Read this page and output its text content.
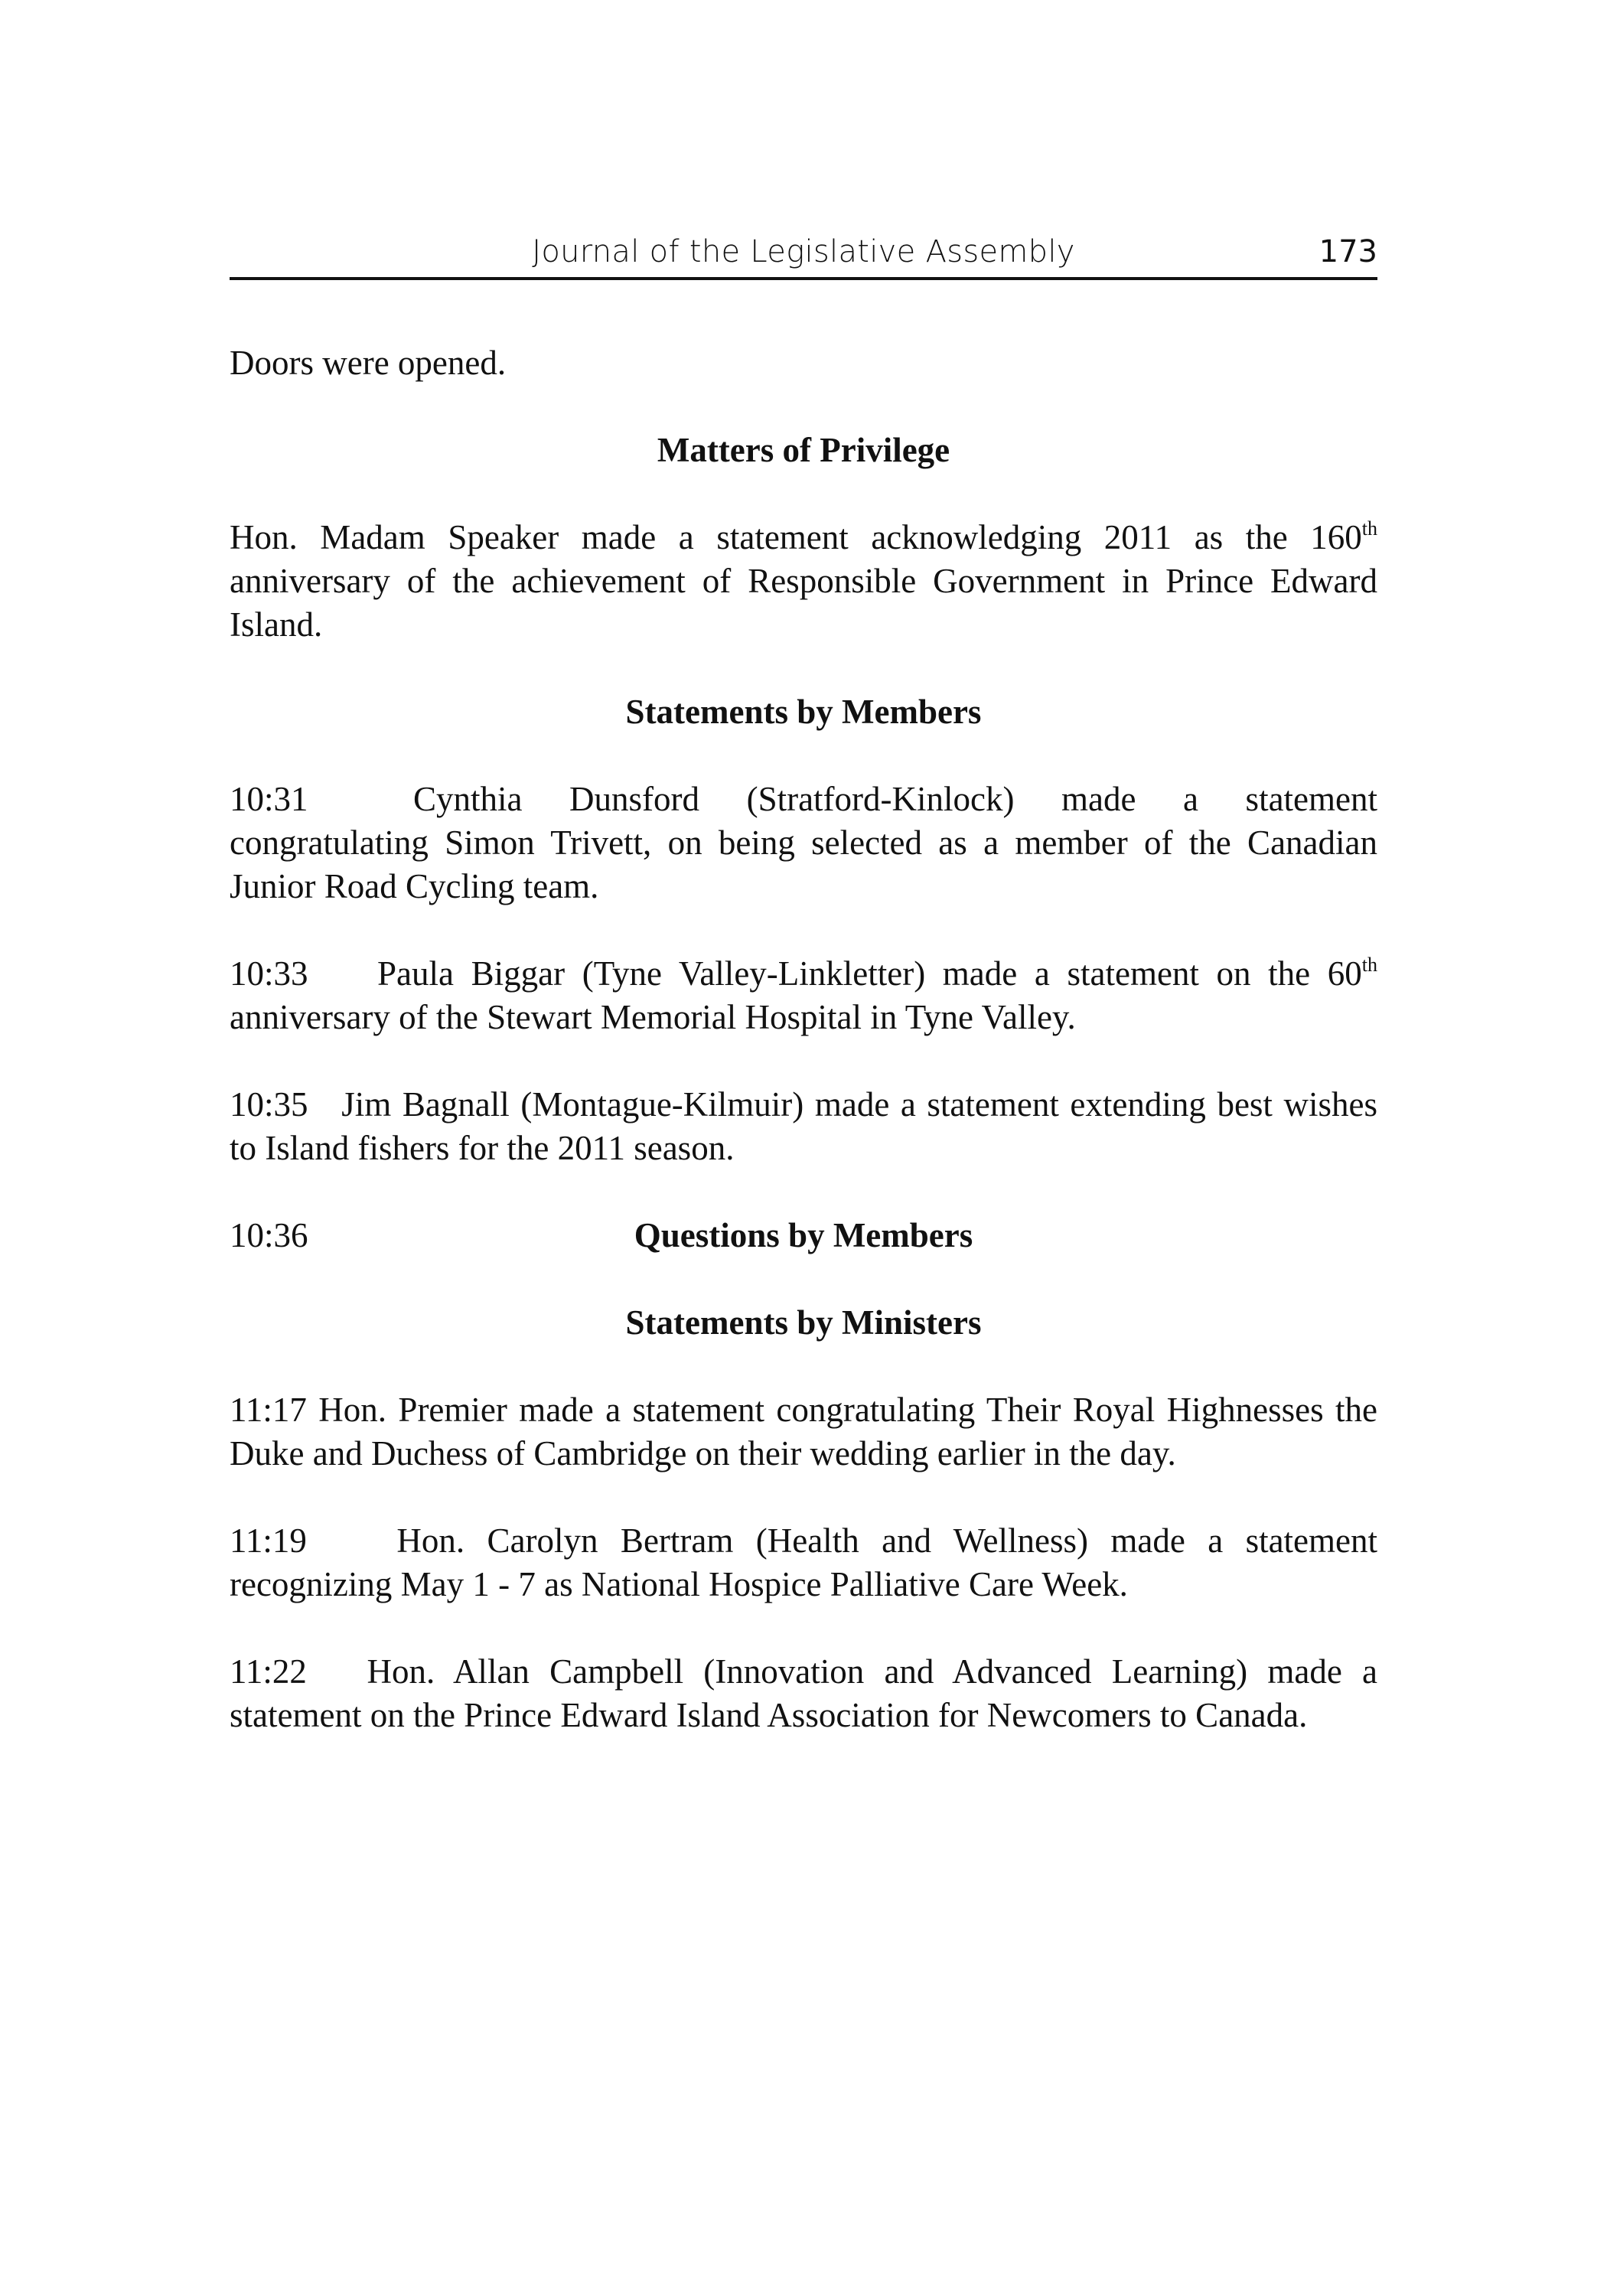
Journal of the Legislative Assembly	173

Doors were opened.

Matters of Privilege

Hon. Madam Speaker made a statement acknowledging 2011 as the 160th anniversary of the achievement of Responsible Government in Prince Edward Island.

Statements by Members

10:31	Cynthia Dunsford (Stratford-Kinlock) made a statement congratulating Simon Trivett, on being selected as a member of the Canadian Junior Road Cycling team.

10:33 Paula Biggar (Tyne Valley-Linkletter) made a statement on the 60th anniversary of the Stewart Memorial Hospital in Tyne Valley.

10:35 Jim Bagnall (Montague-Kilmuir) made a statement extending best wishes to Island fishers for the 2011 season.

10:36	Questions by Members
Statements by Ministers

11:17 Hon. Premier made a statement congratulating Their Royal Highnesses the Duke and Duchess of Cambridge on their wedding earlier in the day.

11:19	Hon. Carolyn Bertram (Health and Wellness) made a statement recognizing May 1 - 7 as National Hospice Palliative Care Week.

11:22 Hon. Allan Campbell (Innovation and Advanced Learning) made a statement on the Prince Edward Island Association for Newcomers to Canada.
